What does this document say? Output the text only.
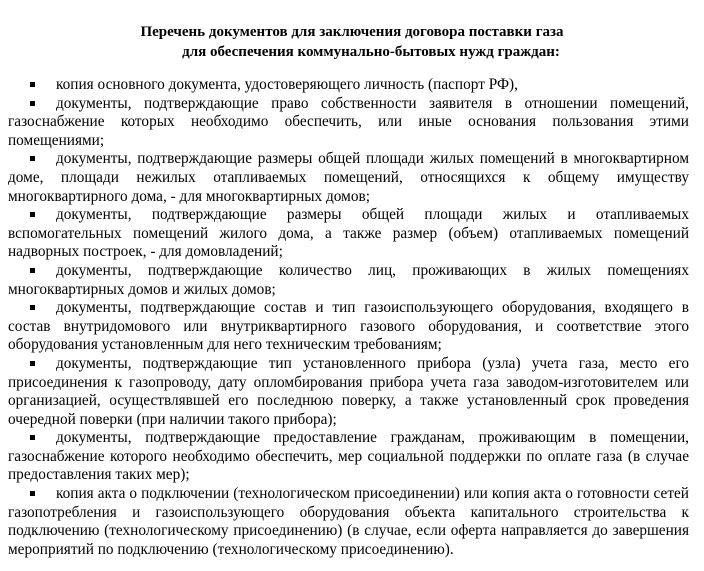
Перечень документов для заключения договора поставки газа
для обеспечения коммунально-бытовых нужд граждан:
копия основного документа, удостоверяющего личность (паспорт РФ),
документы, подтверждающие право собственности заявителя в отношении помещений, газоснабжение которых необходимо обеспечить, или иные основания пользования этими помещениями;
документы, подтверждающие размеры общей площади жилых помещений в многоквартирном доме, площади нежилых отапливаемых помещений, относящихся к общему имуществу многоквартирного дома, - для многоквартирных домов;
документы, подтверждающие размеры общей площади жилых и отапливаемых вспомогательных помещений жилого дома, а также размер (объем) отапливаемых помещений надворных построек, - для домовладений;
документы, подтверждающие количество лиц, проживающих в жилых помещениях многоквартирных домов и жилых домов;
документы, подтверждающие состав и тип газоиспользующего оборудования, входящего в состав внутридомового или внутриквартирного газового оборудования, и соответствие этого оборудования установленным для него техническим требованиям;
документы, подтверждающие тип установленного прибора (узла) учета газа, место его присоединения к газопроводу, дату опломбирования прибора учета газа заводом-изготовителем или организацией, осуществлявшей его последнюю поверку, а также установленный срок проведения очередной поверки (при наличии такого прибора);
документы, подтверждающие предоставление гражданам, проживающим в помещении, газоснабжение которого необходимо обеспечить, мер социальной поддержки по оплате газа (в случае предоставления таких мер);
копия акта о подключении (технологическом присоединении) или копия акта о готовности сетей газопотребления и газоиспользующего оборудования объекта капитального строительства к подключению (технологическому присоединению) (в случае, если оферта направляется до завершения мероприятий по подключению (технологическому присоединению).
